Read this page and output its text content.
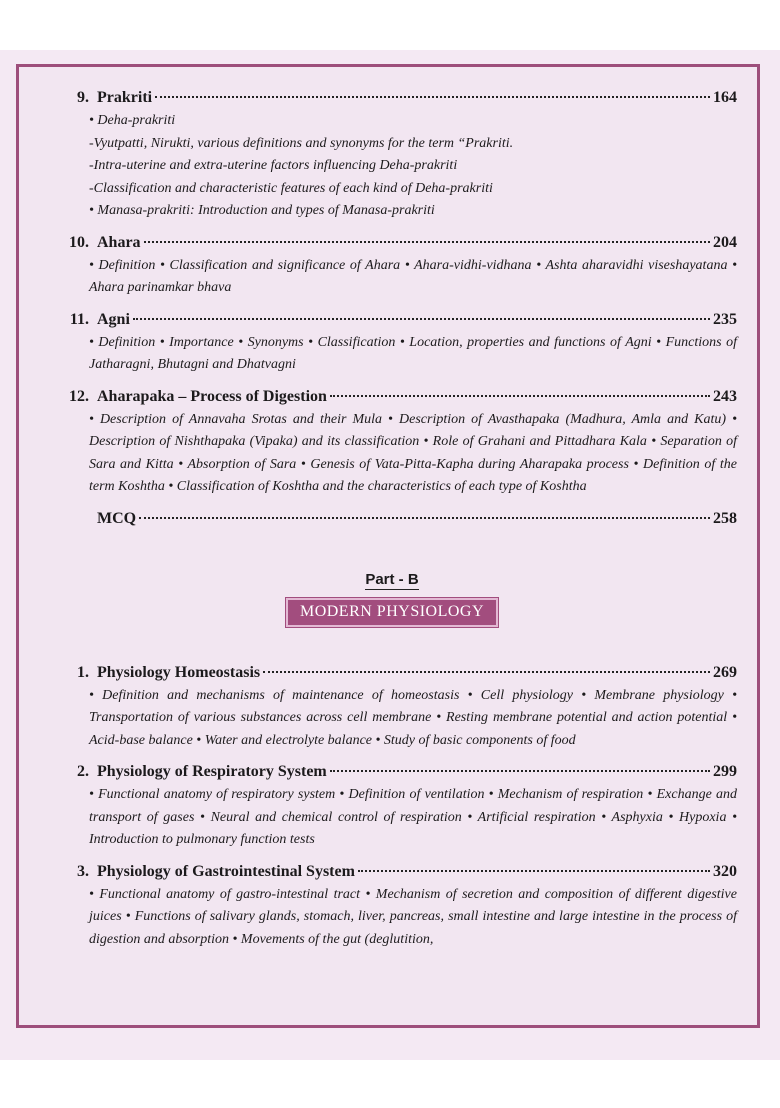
9. Prakriti	164

• Deha-prakriti

-Vyutpatti, Nirukti, various definitions and synonyms for the term “Prakriti.

-Intra-uterine and extra-uterine factors influencing Deha-prakriti

-Classification and characteristic features of each kind of Deha-prakriti

• Manasa-prakriti: Introduction and types of Manasa-prakriti

10. Ahara	204
• Definition • Classification and significance of Ahara • Ahara-vidhi-vidhana • Ashta aharavidhi viseshayatana • Ahara parinamkar bhava
11. Agni	235
• Definition • Importance • Synonyms • Classification • Location, properties and functions of Agni • Functions of Jatharagni, Bhutagni and Dhatvagni
12. Aharapaka – Process of Digestion	243
• Description of Annavaha Srotas and their Mula • Description of Avasthapaka (Madhura, Amla and Katu) • Description of Nishthapaka (Vipaka) and its classification • Role of Grahani and Pittadhara Kala • Separation of Sara and Kitta • Absorption of Sara • Genesis of Vata-Pitta-Kapha during Aharapaka process • Definition of the term Koshtha • Classification of Koshtha and the characteristics of each type of Koshtha
MCQ	258
Part - B
MODERN PHYSIOLOGY
1. Physiology Homeostasis	269
• Definition and mechanisms of maintenance of homeostasis • Cell physiology • Membrane physiology • Transportation of various substances across cell membrane • Resting membrane potential and action potential • Acid-base balance • Water and electrolyte balance • Study of basic components of food
2. Physiology of Respiratory System	299
• Functional anatomy of respiratory system • Definition of ventilation • Mechanism of respiration • Exchange and transport of gases • Neural and chemical control of respiration • Artificial respiration • Asphyxia • Hypoxia • Introduction to pulmonary function tests
3. Physiology of Gastrointestinal System	320
• Functional anatomy of gastro-intestinal tract • Mechanism of secretion and composition of different digestive juices • Functions of salivary glands, stomach, liver, pancreas, small intestine and large intestine in the process of digestion and absorption • Movements of the gut (deglutition,
